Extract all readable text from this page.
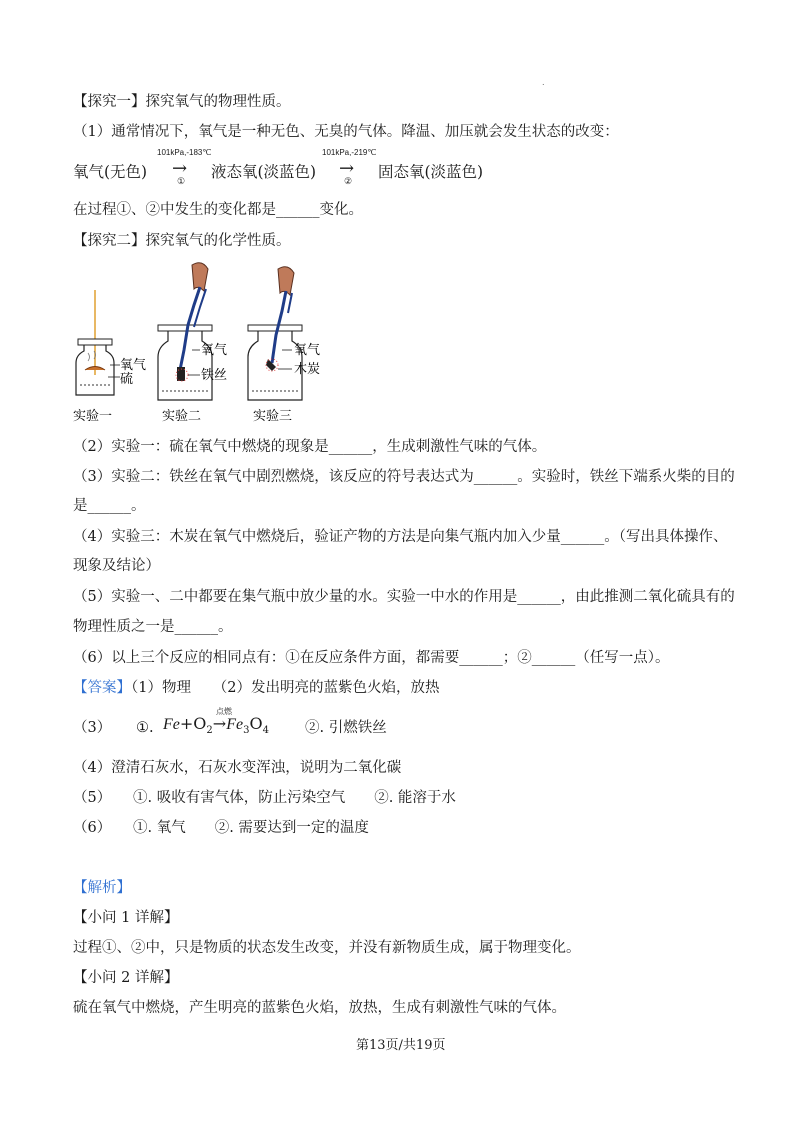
.
【探究一】探究氧气的物理性质。
（1）通常情况下，氧气是一种无色、无臭的气体。降温、加压就会发生状态的改变：
氧气(无色)
101kPa,-183℃
→
①
液态氧(淡蓝色)
101kPa,-219℃
→
②
固态氧(淡蓝色)
在过程①、②中发生的变化都是______变化。
【探究二】探究氧气的化学性质。
氧气
硫
实验一
氧气
铁丝
实验二
氧气
木炭
实验三
（2）实验一：硫在氧气中燃烧的现象是______，生成刺激性气味的气体。
（3）实验二：铁丝在氧气中剧烈燃烧，该反应的符号表达式为______。实验时，铁丝下端系火柴的目的
是______。
（4）实验三：木炭在氧气中燃烧后，验证产物的方法是向集气瓶内加入少量______。（写出具体操作、
现象及结论）
（5）实验一、二中都要在集气瓶中放少量的水。实验一中水的作用是______，由此推测二氧化硫具有的
物理性质之一是______。
（6）以上三个反应的相同点有：①在反应条件方面，都需要______；②______（任写一点）。
【答案】（1）物理　　（2）发出明亮的蓝紫色火焰，放热
（3） ①. $Fe+O_2\to Fe_3O_4$
点燃
②. 引燃铁丝
（4）澄清石灰水，石灰水变浑浊，说明为二氧化碳
（5）　　①. 吸收有害气体，防止污染空气　　②. 能溶于水
（6）　　①. 氧气　　②. 需要达到一定的温度
【解析】
【小问 1 详解】
过程①、②中，只是物质的状态发生改变，并没有新物质生成，属于物理变化。
【小问 2 详解】
硫在氧气中燃烧，产生明亮的蓝紫色火焰，放热，生成有刺激性气味的气体。
第13页/共19页
